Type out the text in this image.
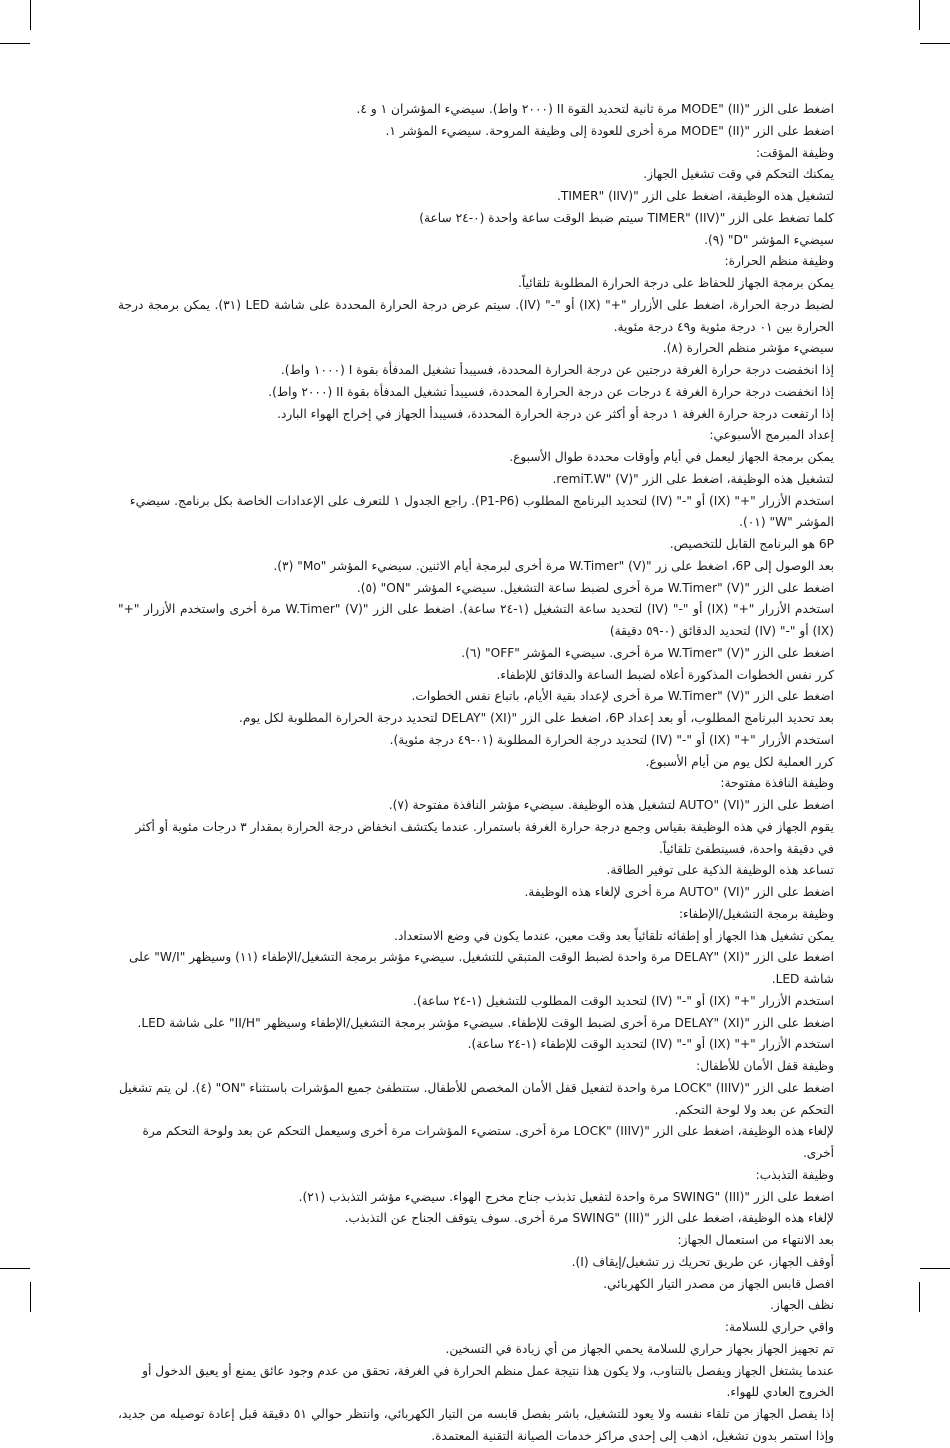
اضغط على الزر "MODE" (II) مرة ثانية لتحديد القوة II (٢٠٠٠ واط). سيضيء المؤشران ١ و ٤.

اضغط على الزر "MODE" (II) مرة أخرى للعودة إلى وظيفة المروحة. سيضيء المؤشر ١.

وظيفة المؤقت:

يمكنك التحكم في وقت تشغيل الجهاز.

لتشغيل هذه الوظيفة، اضغط على الزر "TIMER" (IIV).

كلما تضغط على الزر "TIMER" (IIV) سيتم ضبط الوقت ساعة واحدة (٠-٢٤ ساعة)

سيضيء المؤشر "D" (٩).

وظيفة منظم الحرارة:

يمكن برمجة الجهاز للحفاظ على درجة الحرارة المطلوبة تلقائياً.

لضبط درجة الحرارة، اضغط على الأزرار "+" (IX) أو "-" (IV). سيتم عرض درجة الحرارة المحددة على شاشة LED (٣١). يمكن برمجة درجة الحرارة بين ٠١ درجة مئوية و٤٩ درجة مئوية.

سيضيء مؤشر منظم الحرارة (٨).

إذا انخفضت درجة حرارة الغرفة درجتين عن درجة الحرارة المحددة، فسيبدأ تشغيل المدفأة بقوة I (١٠٠٠ واط).

إذا انخفضت درجة حرارة الغرفة ٤ درجات عن درجة الحرارة المحددة، فسيبدأ تشغيل المدفأة بقوة II (٢٠٠٠ واط).

إذا ارتفعت درجة حرارة الغرفة ١ درجة أو أكثر عن درجة الحرارة المحددة، فسيبدأ الجهاز في إخراج الهواء البارد.

إعداد المبرمج الأسبوعي:

يمكن برمجة الجهاز ليعمل في أيام وأوقات محددة طوال الأسبوع.

لتشغيل هذه الوظيفة، اضغط على الزر "remiT.W" (V).

استخدم الأزرار "+" (IX) أو "-" (IV) لتحديد البرنامج المطلوب (P1-P6). راجع الجدول ١ للتعرف على الإعدادات الخاصة بكل برنامج. سيضيء المؤشر "W" (٠١).

6P هو البرنامج القابل للتخصيص.

بعد الوصول إلى 6P، اضغط على زر "W.Timer" (V) مرة أخرى لبرمجة أيام الاثنين. سيضيء المؤشر "Mo" (٣).

اضغط على الزر "W.Timer" (V) مرة أخرى لضبط ساعة التشغيل. سيضيء المؤشر "ON" (٥).

استخدم الأزرار "+" (IX) أو "-" (IV) لتحديد ساعة التشغيل (١-٢٤ ساعة). اضغط على الزر "W.Timer" (V) مرة أخرى واستخدم الأزرار "+" (IX) أو "-" (IV) لتحديد الدقائق (٠-٥٩ دقيقة)

اضغط على الزر "W.Timer" (V) مرة أخرى. سيضيء المؤشر "OFF" (٦).

كرر نفس الخطوات المذكورة أعلاه لضبط الساعة والدقائق للإطفاء.

اضغط على الزر "W.Timer" (V) مرة أخرى لإعداد بقية الأيام، باتباع نفس الخطوات.

بعد تحديد البرنامج المطلوب، أو بعد إعداد 6P، اضغط على الزر "DELAY" (XI) لتحديد درجة الحرارة المطلوبة لكل يوم.

استخدم الأزرار "+" (IX) أو "-" (IV) لتحديد درجة الحرارة المطلوبة (٠١-٤٩ درجة مئوية).

كرر العملية لكل يوم من أيام الأسبوع.

وظيفة النافذة مفتوحة:

اضغط على الزر "AUTO" (VI) لتشغيل هذه الوظيفة. سيضيء مؤشر النافذة مفتوحة (٧).

يقوم الجهاز في هذه الوظيفة بقياس وجمع درجة حرارة الغرفة باستمرار. عندما يكتشف انخفاض درجة الحرارة بمقدار ٣ درجات مئوية أو أكثر في دقيقة واحدة، فسينطفئ تلقائياً.

تساعد هذه الوظيفة الذكية على توفير الطاقة.

اضغط على الزر "AUTO" (VI) مرة أخرى لإلغاء هذه الوظيفة.

وظيفة برمجة التشغيل/الإطفاء:

يمكن تشغيل هذا الجهاز أو إطفائه تلقائياً بعد وقت معين، عندما يكون في وضع الاستعداد.

اضغط على الزر "DELAY" (XI) مرة واحدة لضبط الوقت المتبقي للتشغيل. سيضيء مؤشر برمجة التشغيل/الإطفاء (١١) وسيظهر "W/I" على شاشة LED.

استخدم الأزرار "+" (IX) أو "-" (IV) لتحديد الوقت المطلوب للتشغيل (١-٢٤ ساعة).

اضغط على الزر "DELAY" (XI) مرة أخرى لضبط الوقت للإطفاء. سيضيء مؤشر برمجة التشغيل/الإطفاء وسيظهر "II/H" على شاشة LED.

استخدم الأزرار "+" (IX) أو "-" (IV) لتحديد الوقت للإطفاء (١-٢٤ ساعة).

وظيفة قفل الأمان للأطفال:

اضغط على الزر "LOCK" (IIIV) مرة واحدة لتفعيل قفل الأمان المخصص للأطفال. ستنطفئ جميع المؤشرات باستثناء "ON" (٤). لن يتم تشغيل التحكم عن بعد ولا لوحة التحكم.

لإلغاء هذه الوظيفة، اضغط على الزر "LOCK" (IIIV) مرة أخرى. ستضيء المؤشرات مرة أخرى وسيعمل التحكم عن بعد ولوحة التحكم مرة أخرى.

وظيفة التذبذب:

اضغط على الزر "SWING" (III) مرة واحدة لتفعيل تذبذب جناح مخرج الهواء. سيضيء مؤشر التذبذب (٢١).

لإلغاء هذه الوظيفة، اضغط على الزر "SWING" (III) مرة أخرى. سوف يتوقف الجناح عن التذبذب.

بعد الانتهاء من استعمال الجهاز:

أوقف الجهاز، عن طريق تحريك زر تشغيل/إيقاف (I).

افصل قابس الجهاز من مصدر التيار الكهربائي.

نظف الجهاز.

واقي حراري للسلامة:

تم تجهيز الجهاز بجهاز حراري للسلامة يحمي الجهاز من أي زيادة في التسخين.

عندما يشتغل الجهاز ويفصل بالتناوب، ولا يكون هذا نتيجة عمل منظم الحرارة في الغرفة، تحقق من عدم وجود عائق يمنع أو يعيق الدخول أو الخروج العادي للهواء.

إذا يفصل الجهاز من تلقاء نفسه ولا يعود للتشغيل، باشر بفصل قابسه من التيار الكهربائي، وانتظر حوالي ٥١ دقيقة قبل إعادة توصيله من جديد، وإذا استمر بدون تشغيل، اذهب إلى إحدى مراكز خدمات الصيانة التقنية المعتمدة.
